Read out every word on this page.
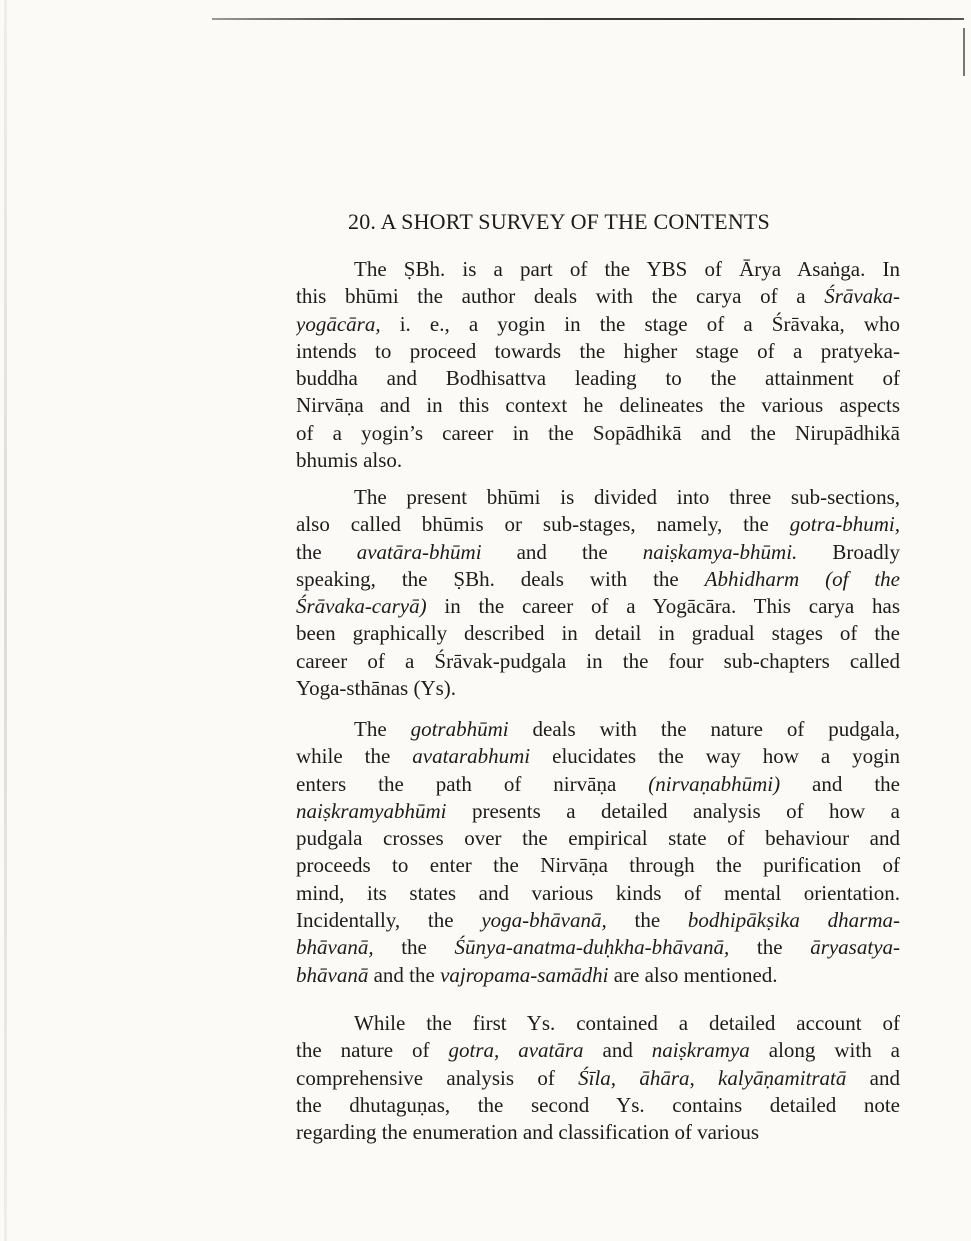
20. A SHORT SURVEY OF THE CONTENTS
The ṢBh. is a part of the YBS of Ārya Asaṅga. In
this bhūmi the author deals with the carya of a Śrāvaka-
yogācāra, i. e., a yogin in the stage of a Śrāvaka, who
intends to proceed towards the higher stage of a pratyeka-
buddha and Bodhisattva leading to the attainment of
Nirvāṇa and in this context he delineates the various aspects
of a yogin’s career in the Sopādhikā and the Nirupādhikā
bhumis also.
The present bhūmi is divided into three sub-sections,
also called bhūmis or sub-stages, namely, the gotra-bhumi,
the avatāra-bhūmi and the naiṣkamya-bhūmi. Broadly
speaking, the ṢBh. deals with the Abhidharm (of the
Śrāvaka-caryā) in the career of a Yogācāra. This carya has
been graphically described in detail in gradual stages of the
career of a Śrāvak-pudgala in the four sub-chapters called
Yoga-sthānas (Ys).
The gotrabhūmi deals with the nature of pudgala,
while the avatarabhumi elucidates the way how a yogin
enters the path of nirvāṇa (nirvaṇabhūmi) and the
naiṣkramyabhūmi presents a detailed analysis of how a
pudgala crosses over the empirical state of behaviour and
proceeds to enter the Nirvāṇa through the purification of
mind, its states and various kinds of mental orientation.
Incidentally, the yoga-bhāvanā, the bodhipākṣika dharma-
bhāvanā, the Śūnya-anatma-duḥkha-bhāvanā, the āryasatya-
bhāvanā and the vajropama-samādhi are also mentioned.
While the first Ys. contained a detailed account of
the nature of gotra, avatāra and naiṣkramya along with a
comprehensive analysis of Śīla, āhāra, kalyāṇamitratā and
the dhutaguṇas, the second Ys. contains detailed note
regarding the enumeration and classification of various
